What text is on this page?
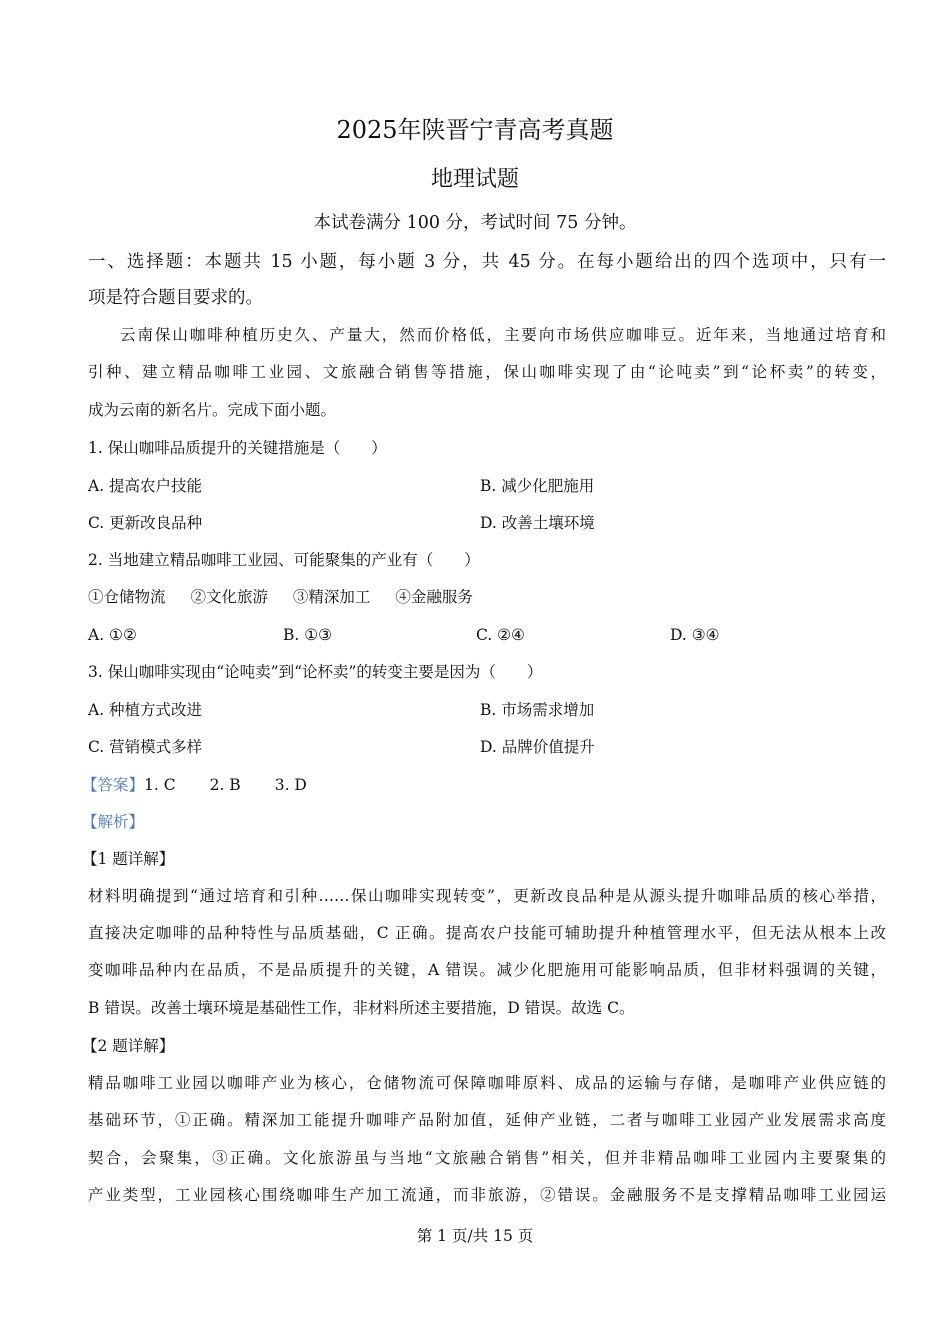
2025年陕晋宁青高考真题
地理试题
本试卷满分 100 分，考试时间 75 分钟。
一、选择题：本题共 15 小题，每小题 3 分，共 45 分。在每小题给出的四个选项中，只有一
项是符合题目要求的。
云南保山咖啡种植历史久、产量大，然而价格低，主要向市场供应咖啡豆。近年来，当地通过培育和
引种、建立精品咖啡工业园、文旅融合销售等措施，保山咖啡实现了由“论吨卖”到“论杯卖”的转变，
成为云南的新名片。完成下面小题。
1. 保山咖啡品质提升的关键措施是（　　）
A. 提高农户技能	B. 减少化肥施用
C. 更新改良品种	D. 改善土壤环境
2. 当地建立精品咖啡工业园、可能聚集的产业有（　　）
①仓储物流 ②文化旅游 ③精深加工 ④金融服务
A. ①②	B. ①③	C. ②④	D. ③④
3. 保山咖啡实现由“论吨卖”到“论杯卖”的转变主要是因为（　　）
A. 种植方式改进	B. 市场需求增加
C. 营销模式多样	D. 品牌价值提升
【答案】1. C 2. B 3. D
【解析】
【1 题详解】
材料明确提到“通过培育和引种……保山咖啡实现转变”，更新改良品种是从源头提升咖啡品质的核心举措，
直接决定咖啡的品种特性与品质基础，C 正确。提高农户技能可辅助提升种植管理水平，但无法从根本上改
变咖啡品种内在品质，不是品质提升的关键，A 错误。减少化肥施用可能影响品质，但非材料强调的关键，
B 错误。改善土壤环境是基础性工作，非材料所述主要措施，D 错误。故选 C。
【2 题详解】
精品咖啡工业园以咖啡产业为核心，仓储物流可保障咖啡原料、成品的运输与存储，是咖啡产业供应链的
基础环节，①正确。精深加工能提升咖啡产品附加值，延伸产业链，二者与咖啡工业园产业发展需求高度
契合，会聚集，③正确。文化旅游虽与当地“文旅融合销售”相关，但并非精品咖啡工业园内主要聚集的
产业类型，工业园核心围绕咖啡生产加工流通，而非旅游，②错误。金融服务不是支撑精品咖啡工业园运
第 1 页/共 15 页
